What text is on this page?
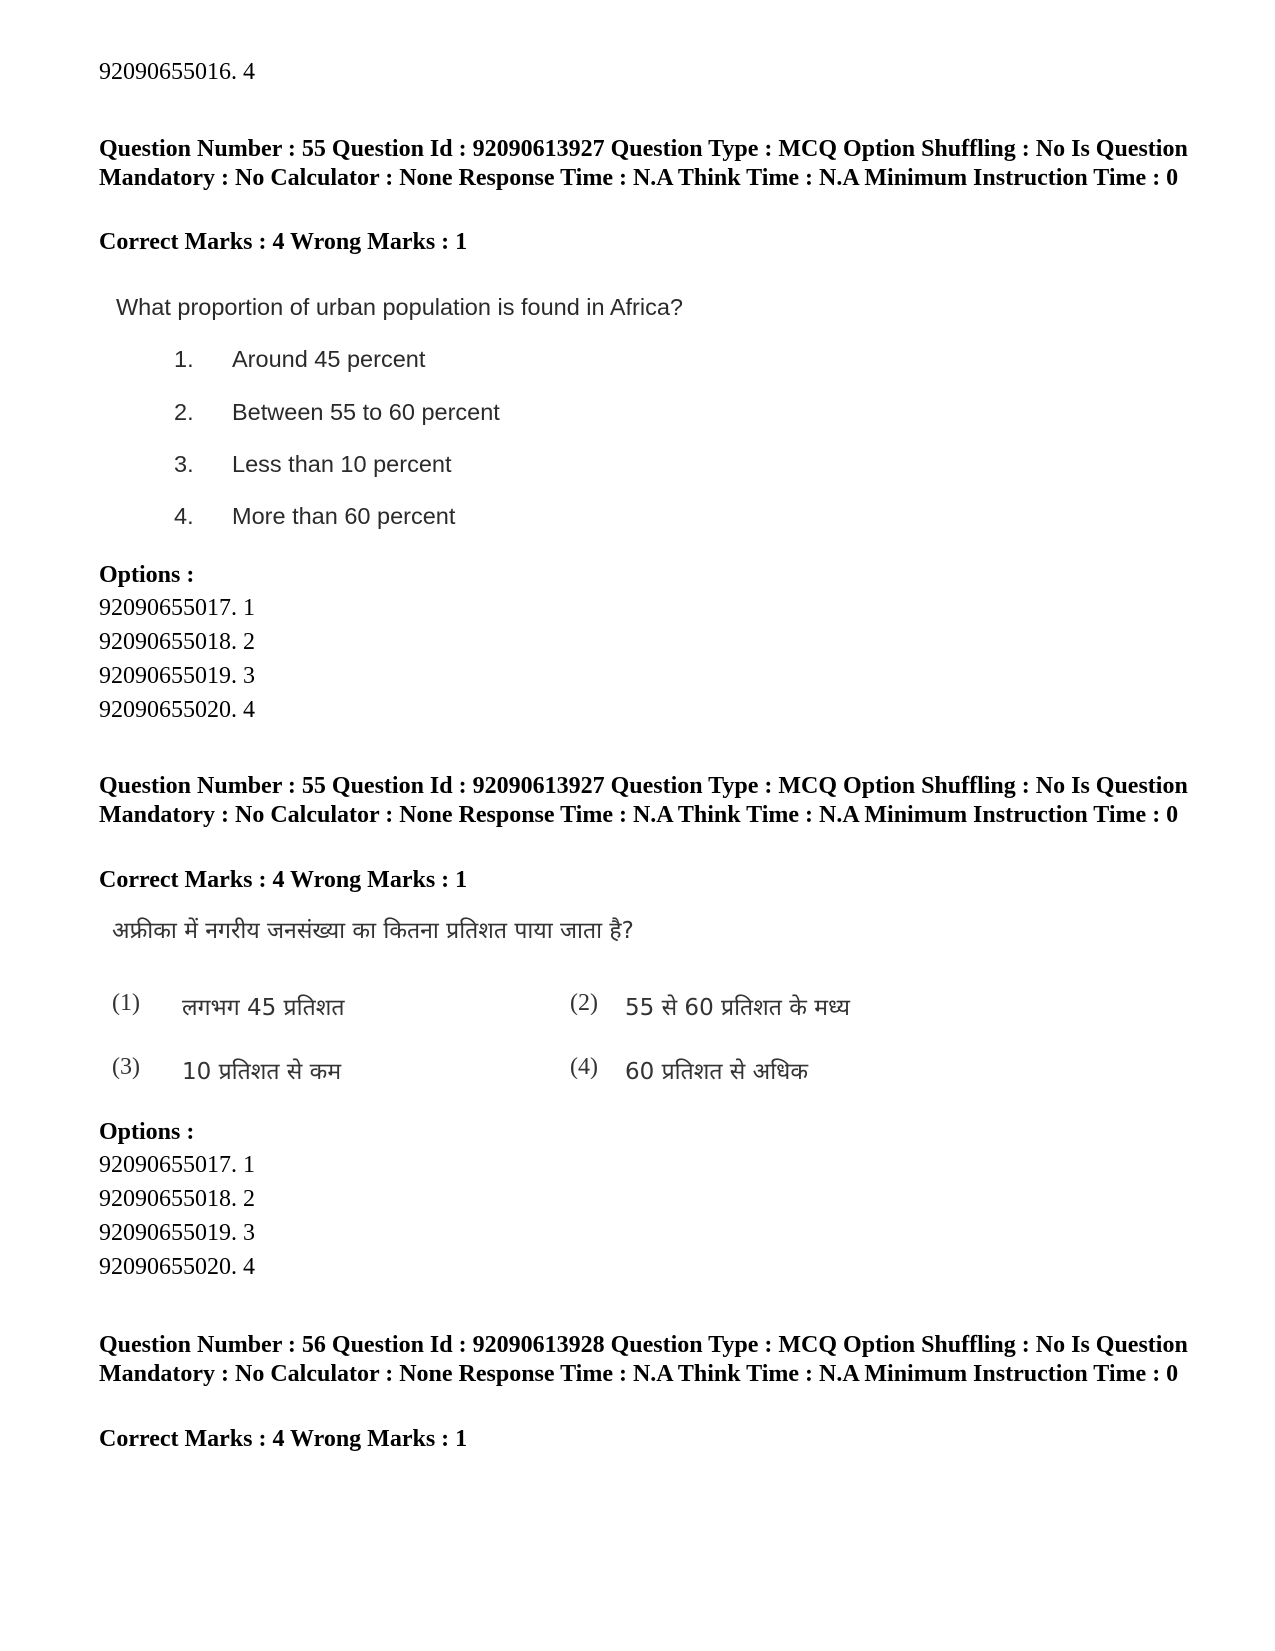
92090655016. 4
Question Number : 55 Question Id : 92090613927 Question Type : MCQ Option Shuffling : No Is Question Mandatory : No Calculator : None Response Time : N.A Think Time : N.A Minimum Instruction Time : 0
Correct Marks : 4 Wrong Marks : 1
What proportion of urban population is found in Africa?
1.	Around 45 percent
2.	Between 55 to 60 percent
3.	Less than 10 percent
4.	More than 60 percent
Options :
92090655017. 1
92090655018. 2
92090655019. 3
92090655020. 4
Question Number : 55 Question Id : 92090613927 Question Type : MCQ Option Shuffling : No Is Question Mandatory : No Calculator : None Response Time : N.A Think Time : N.A Minimum Instruction Time : 0
Correct Marks : 4 Wrong Marks : 1
अफ्रीका में नगरीय जनसंख्या का कितना प्रतिशत पाया जाता है?
(1)	लगभग 45 प्रतिशत	(2)	55 से 60 प्रतिशत के मध्य
(3)	10 प्रतिशत से कम	(4)	60 प्रतिशत से अधिक
Options :
92090655017. 1
92090655018. 2
92090655019. 3
92090655020. 4
Question Number : 56 Question Id : 92090613928 Question Type : MCQ Option Shuffling : No Is Question Mandatory : No Calculator : None Response Time : N.A Think Time : N.A Minimum Instruction Time : 0
Correct Marks : 4 Wrong Marks : 1
